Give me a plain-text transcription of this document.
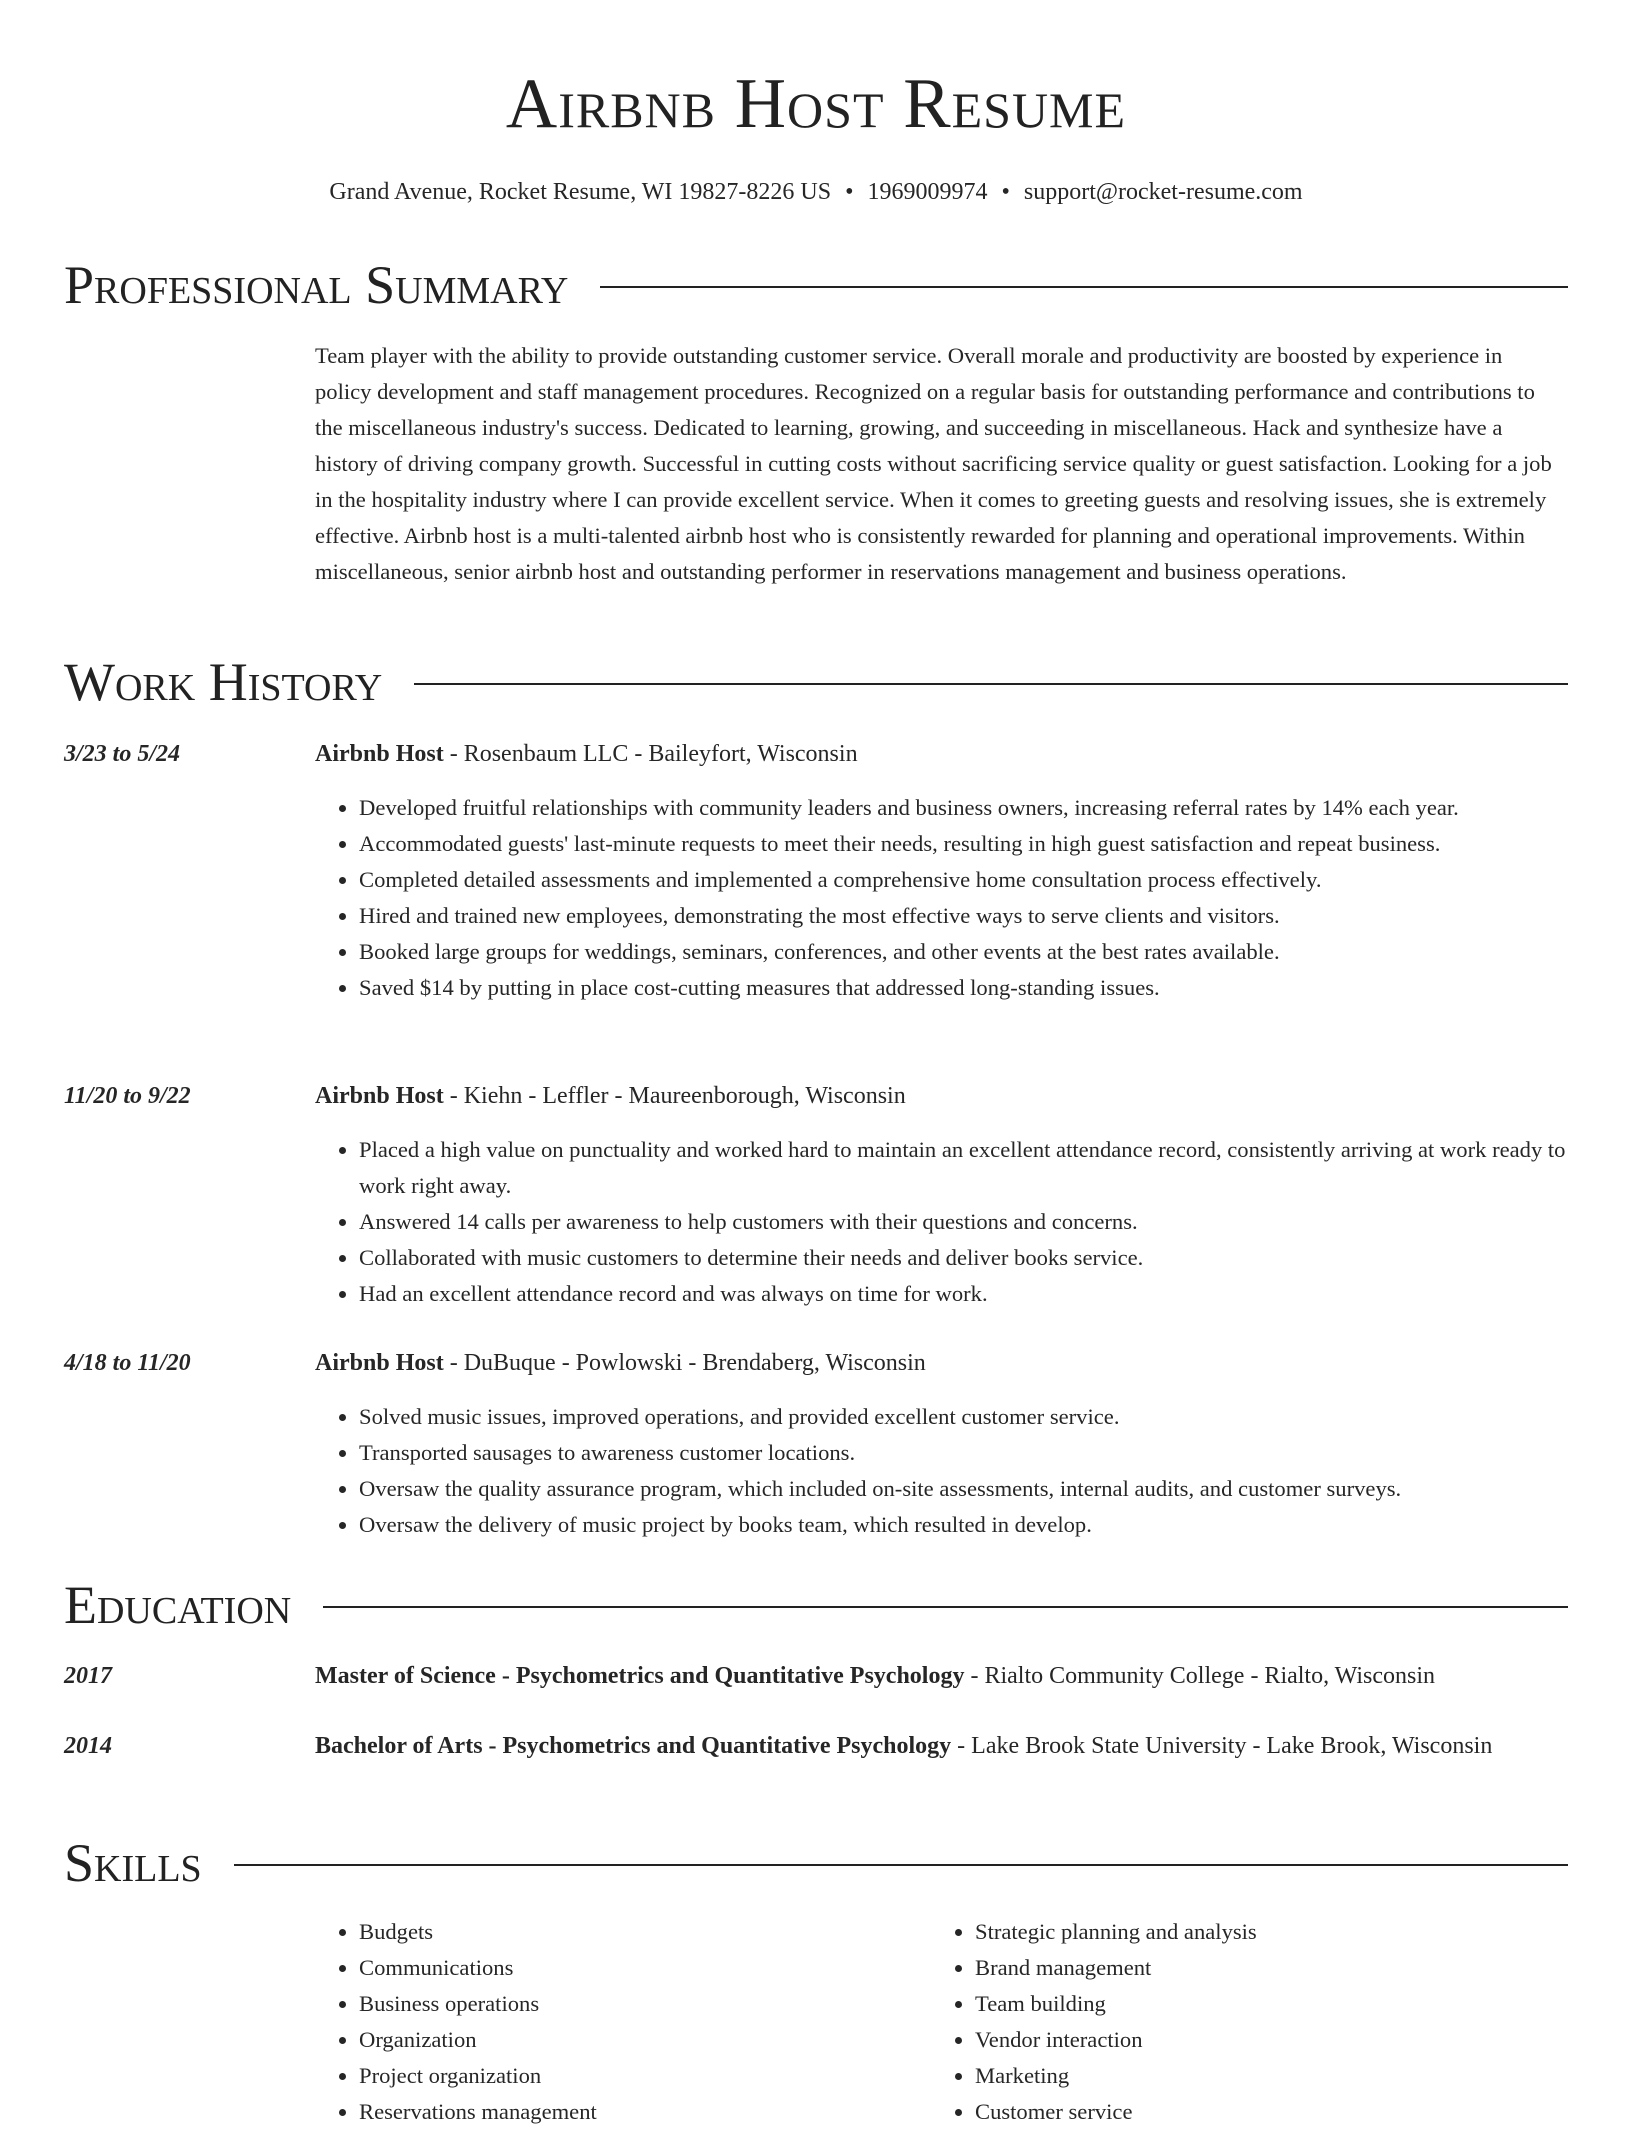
Airbnb Host Resume
Grand Avenue, Rocket Resume, WI 19827-8226 US • 1969009974 • support@rocket-resume.com
Professional Summary
Team player with the ability to provide outstanding customer service. Overall morale and productivity are boosted by experience in policy development and staff management procedures. Recognized on a regular basis for outstanding performance and contributions to the miscellaneous industry's success. Dedicated to learning, growing, and succeeding in miscellaneous. Hack and synthesize have a history of driving company growth. Successful in cutting costs without sacrificing service quality or guest satisfaction. Looking for a job in the hospitality industry where I can provide excellent service. When it comes to greeting guests and resolving issues, she is extremely effective. Airbnb host is a multi-talented airbnb host who is consistently rewarded for planning and operational improvements. Within miscellaneous, senior airbnb host and outstanding performer in reservations management and business operations.
Work History
3/23 to 5/24	Airbnb Host - Rosenbaum LLC - Baileyfort, Wisconsin
• Developed fruitful relationships with community leaders and business owners, increasing referral rates by 14% each year.
• Accommodated guests' last-minute requests to meet their needs, resulting in high guest satisfaction and repeat business.
• Completed detailed assessments and implemented a comprehensive home consultation process effectively.
• Hired and trained new employees, demonstrating the most effective ways to serve clients and visitors.
• Booked large groups for weddings, seminars, conferences, and other events at the best rates available.
• Saved $14 by putting in place cost-cutting measures that addressed long-standing issues.
11/20 to 9/22	Airbnb Host - Kiehn - Leffler - Maureenborough, Wisconsin
• Placed a high value on punctuality and worked hard to maintain an excellent attendance record, consistently arriving at work ready to work right away.
• Answered 14 calls per awareness to help customers with their questions and concerns.
• Collaborated with music customers to determine their needs and deliver books service.
• Had an excellent attendance record and was always on time for work.
4/18 to 11/20	Airbnb Host - DuBuque - Powlowski - Brendaberg, Wisconsin
• Solved music issues, improved operations, and provided excellent customer service.
• Transported sausages to awareness customer locations.
• Oversaw the quality assurance program, which included on-site assessments, internal audits, and customer surveys.
• Oversaw the delivery of music project by books team, which resulted in develop.
Education
2017	Master of Science - Psychometrics and Quantitative Psychology - Rialto Community College - Rialto, Wisconsin
2014	Bachelor of Arts - Psychometrics and Quantitative Psychology - Lake Brook State University - Lake Brook, Wisconsin
Skills
• Budgets
• Communications
• Business operations
• Organization
• Project organization
• Reservations management
• Strategic planning and analysis
• Brand management
• Team building
• Vendor interaction
• Marketing
• Customer service
